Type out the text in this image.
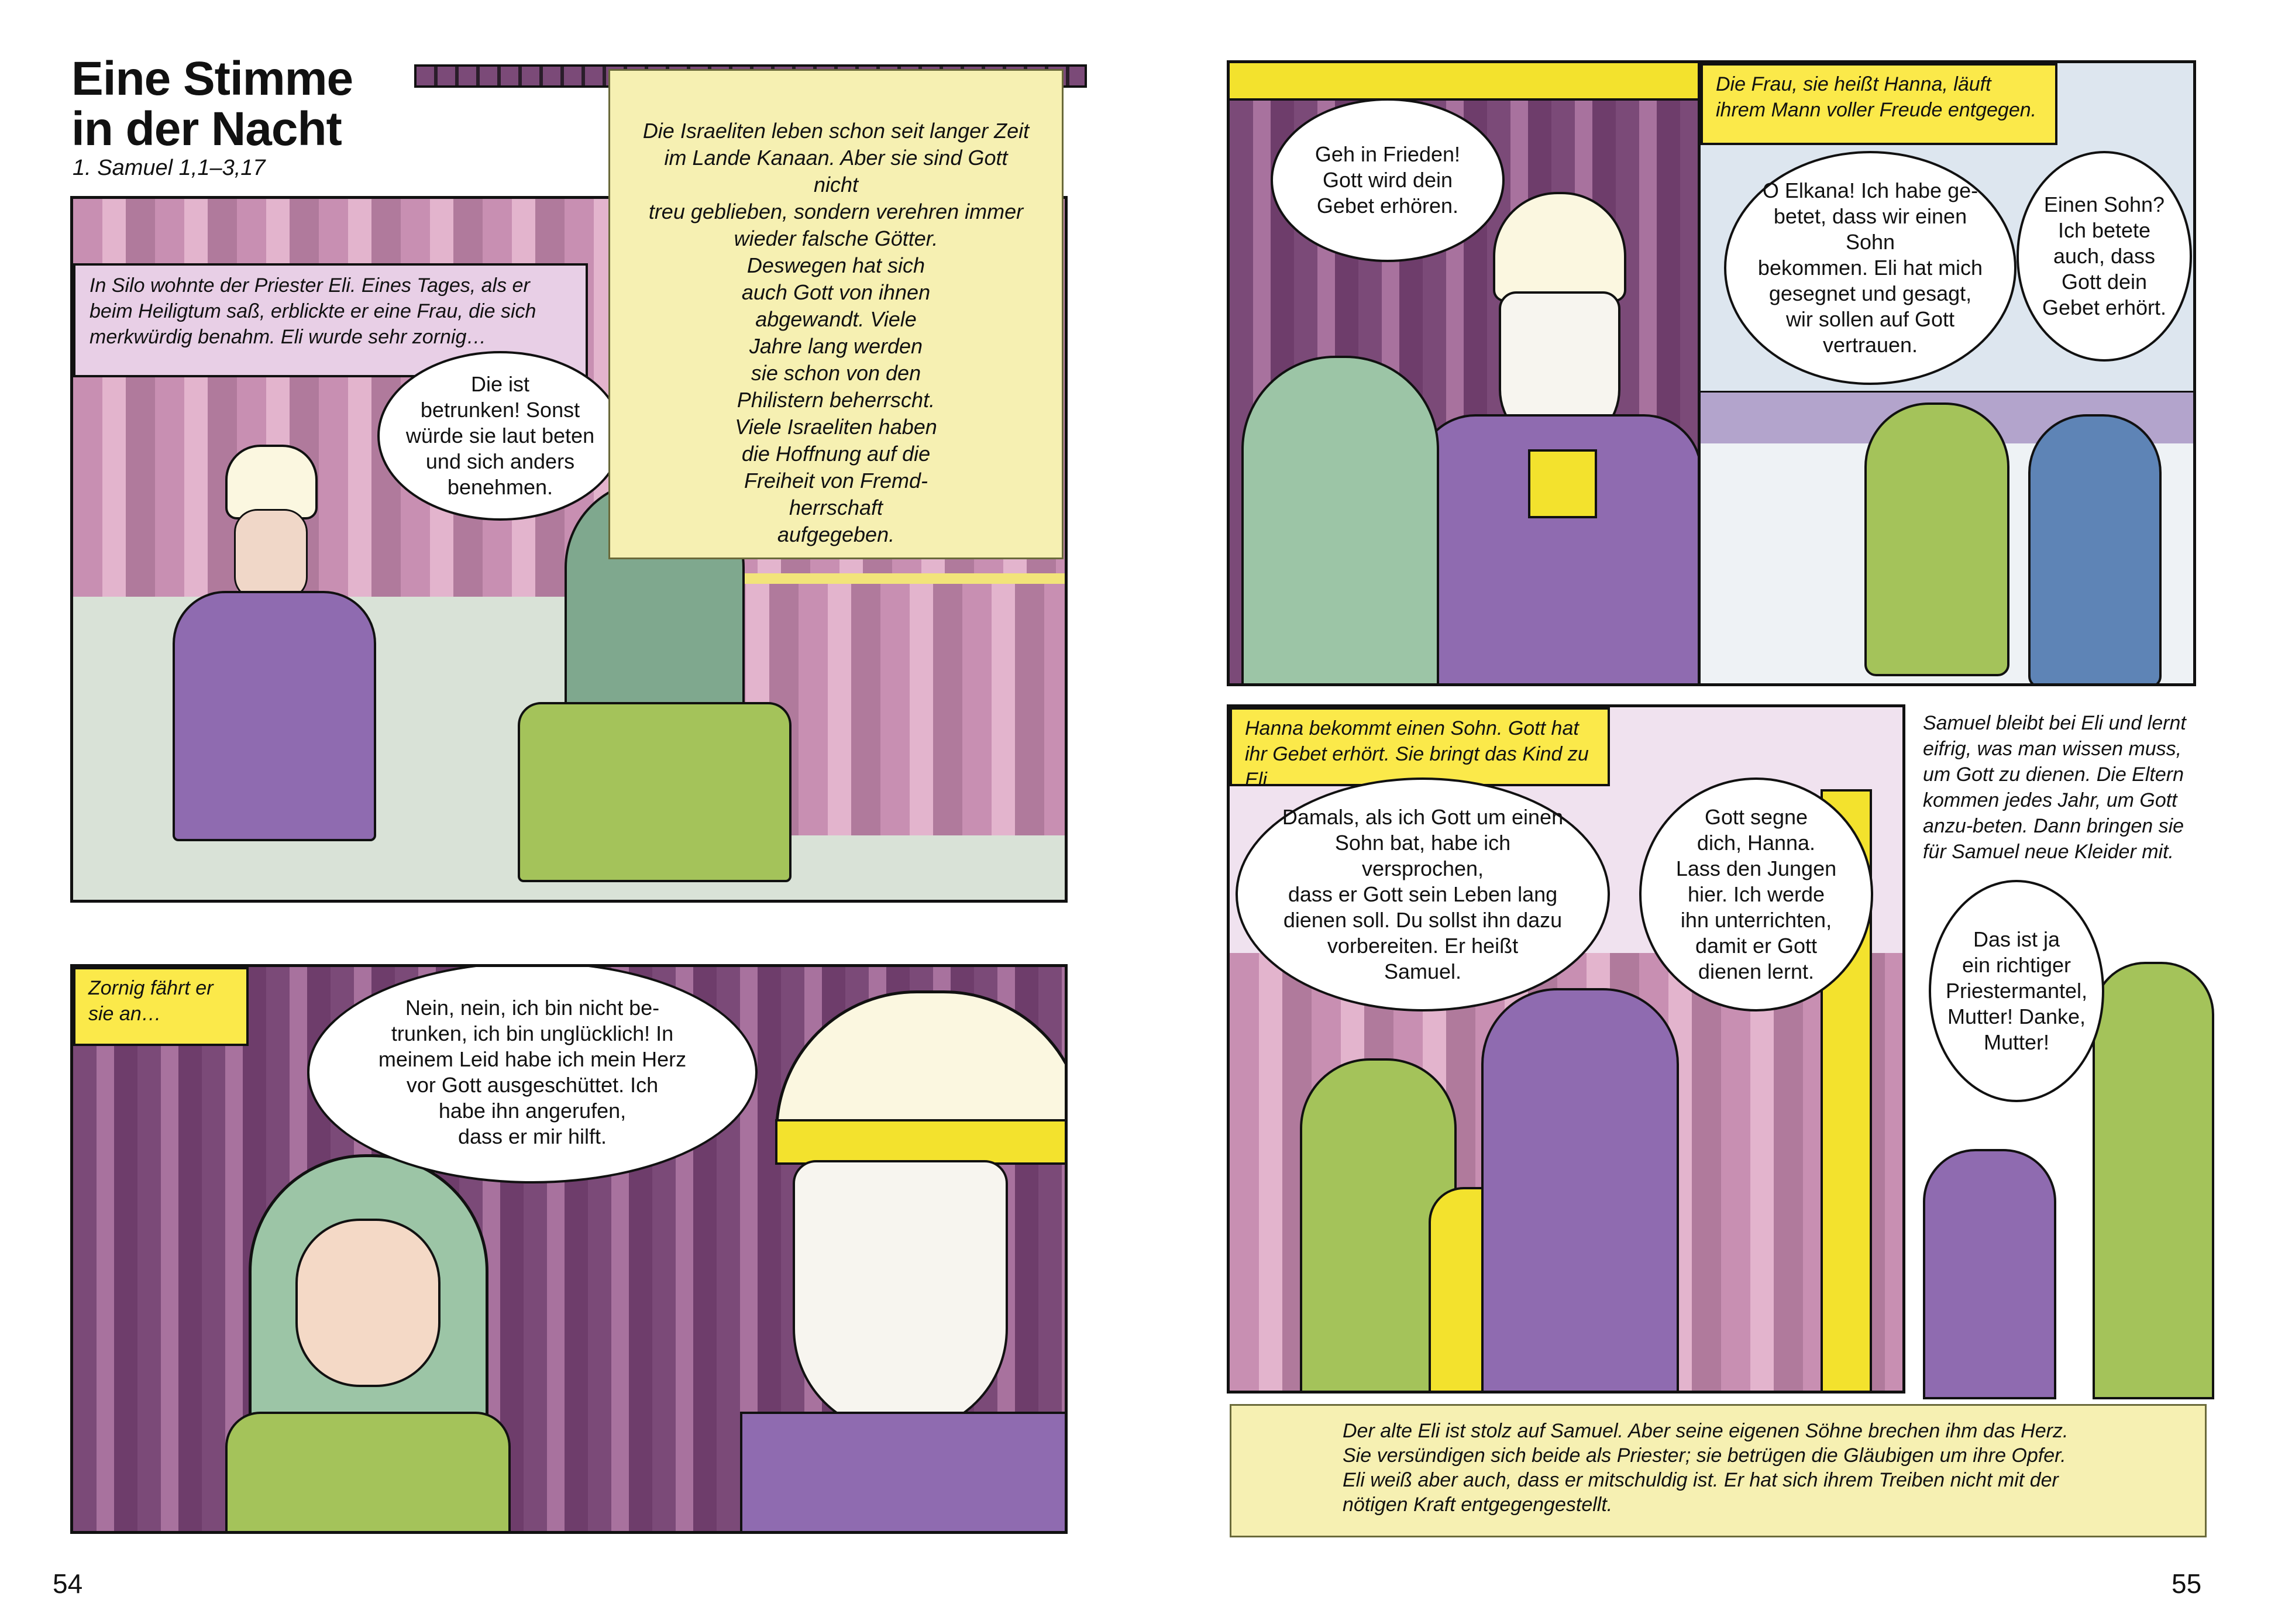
Eine Stimme
in der Nacht
1. Samuel 1,1–3,17
In Silo wohnte der Priester Eli. Eines Tages, als er beim Heiligtum saß, erblickte er eine Frau, die sich merkwürdig benahm. Eli wurde sehr zornig…
Die ist
betrunken! Sonst
würde sie laut beten
und sich anders
benehmen.
Die Israeliten leben schon seit langer Zeit
im Lande Kanaan. Aber sie sind Gott nicht
treu geblieben, sondern verehren immer
wieder falsche Götter.
Deswegen hat sich
auch Gott von ihnen
abgewandt. Viele
Jahre lang werden
sie schon von den
Philistern beherrscht.
Viele Israeliten haben
die Hoffnung auf die
Freiheit von Fremd-
herrschaft
aufgegeben.
Zornig fährt er sie an…	Nein, nein, ich bin nicht be-
trunken, ich bin unglücklich! In
meinem Leid habe ich mein Herz
vor Gott ausgeschüttet. Ich
habe ihn angerufen,
dass er mir hilft.
54
Geh in Frieden!
Gott wird dein
Gebet erhören.
Die Frau, sie heißt Hanna, läuft ihrem Mann voller Freude entgegen.
O Elkana! Ich habe ge-
betet, dass wir einen Sohn
bekommen. Eli hat mich
gesegnet und gesagt,
wir sollen auf Gott
vertrauen.
Einen Sohn?
Ich betete
auch, dass
Gott dein
Gebet erhört.
Hanna bekommt einen Sohn. Gott hat ihr Gebet erhört. Sie bringt das Kind zu Eli.
Damals, als ich Gott um einen
Sohn bat, habe ich versprochen,
dass er Gott sein Leben lang
dienen soll. Du sollst ihn dazu
vorbereiten. Er heißt
Samuel.
Gott segne
dich, Hanna.
Lass den Jungen
hier. Ich werde
ihn unterrichten,
damit er Gott
dienen lernt.
Samuel bleibt bei Eli und lernt eifrig, was man wissen muss, um Gott zu dienen. Die Eltern kommen jedes Jahr, um Gott anzu-beten. Dann bringen sie für Samuel neue Kleider mit.
Das ist ja
ein richtiger
Priestermantel,
Mutter! Danke,
Mutter!
Der alte Eli ist stolz auf Samuel. Aber seine eigenen Söhne brechen ihm das Herz.
Sie versündigen sich beide als Priester; sie betrügen die Gläubigen um ihre Opfer.
Eli weiß aber auch, dass er mitschuldig ist. Er hat sich ihrem Treiben nicht mit der
nötigen Kraft entgegengestellt.
55
